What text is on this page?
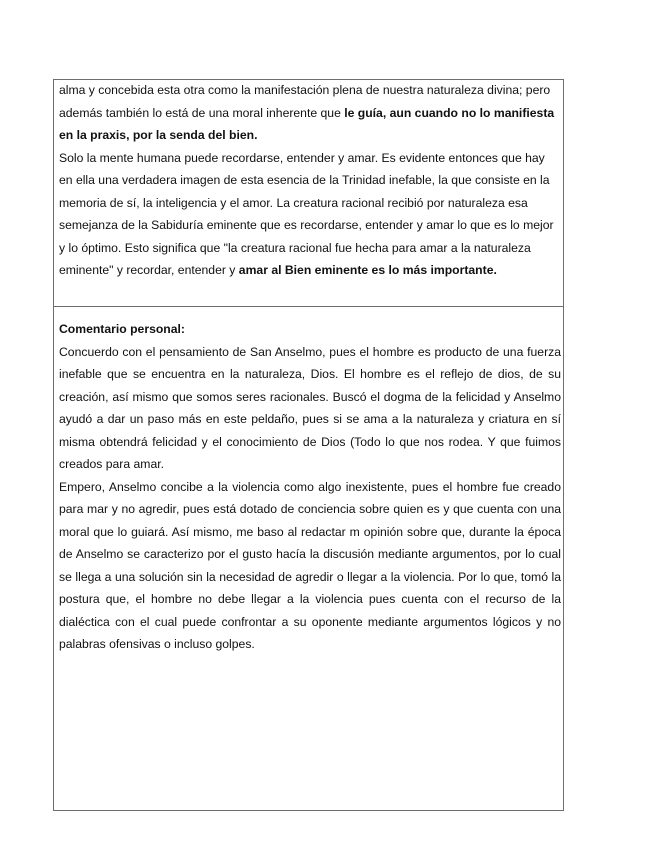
alma y concebida esta otra como la manifestación plena de nuestra naturaleza divina; pero además también lo está de una moral inherente que le guía, aun cuando no lo manifiesta en la praxis, por la senda del bien.

Solo la mente humana puede recordarse, entender y amar. Es evidente entonces que hay en ella una verdadera imagen de esta esencia de la Trinidad inefable, la que consiste en la memoria de sí, la inteligencia y el amor. La creatura racional recibió por naturaleza esa semejanza de la Sabiduría eminente que es recordarse, entender y amar lo que es lo mejor y lo óptimo. Esto significa que "la creatura racional fue hecha para amar a la naturaleza eminente" y recordar, entender y amar al Bien eminente es lo más importante.

Comentario personal:

Concuerdo con el pensamiento de San Anselmo, pues el hombre es producto de una fuerza inefable que se encuentra en la naturaleza, Dios. El hombre es el reflejo de dios, de su creación, así mismo que somos seres racionales. Buscó el dogma de la felicidad y Anselmo ayudó a dar un paso más en este peldaño, pues si se ama a la naturaleza y criatura en sí misma obtendrá felicidad y el conocimiento de Dios (Todo lo que nos rodea. Y que fuimos creados para amar.

Empero, Anselmo concibe a la violencia como algo inexistente, pues el hombre fue creado para mar y no agredir, pues está dotado de conciencia sobre quien es y que cuenta con una moral que lo guiará. Así mismo, me baso al redactar m opinión sobre que, durante la época de Anselmo se caracterizo por el gusto hacía la discusión mediante argumentos, por lo cual se llega a una solución sin la necesidad de agredir o llegar a la violencia. Por lo que, tomó la postura que, el hombre no debe llegar a la violencia pues cuenta con el recurso de la dialéctica con el cual puede confrontar a su oponente mediante argumentos lógicos y no palabras ofensivas o incluso golpes.
